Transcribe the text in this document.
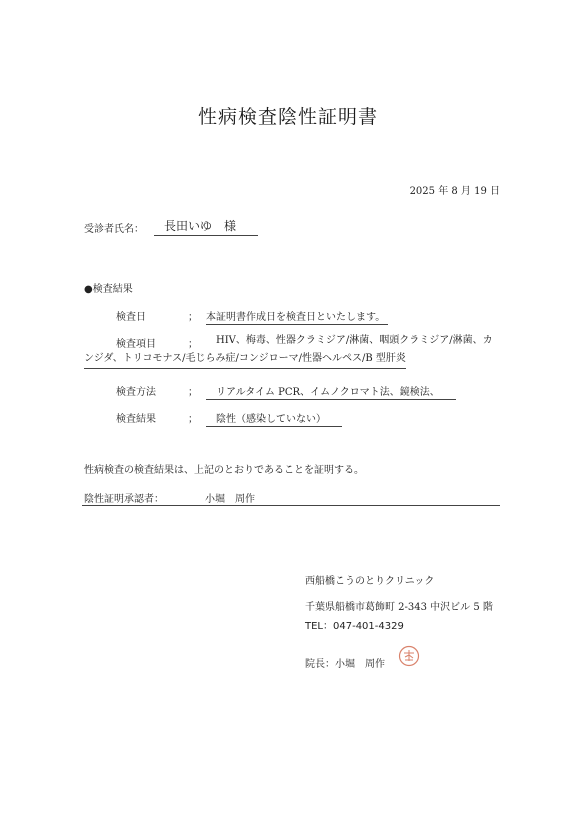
性病検査陰性証明書
2025 年 8 月 19 日
受診者氏名：	長田いゆ　様
●検査結果
検査日	； 本証明書作成日を検査日といたします。
検査項目	；	HIV、梅毒、性器クラミジア/淋菌、咽頭クラミジア/淋菌、カ
ンジダ、トリコモナス/毛じらみ症/コンジローマ/性器ヘルペス/B 型肝炎
検査方法	；	リアルタイム PCR、イムノクロマト法、鏡検法、
検査結果	；	陰性（感染していない）
性病検査の検査結果は、上記のとおりであることを証明する。
陰性証明承認者：	小堀　周作
西船橋こうのとりクリニック
千葉県船橋市葛飾町 2-343 中沢ビル 5 階
TEL：047-401-4329
院長：小堀　周作
